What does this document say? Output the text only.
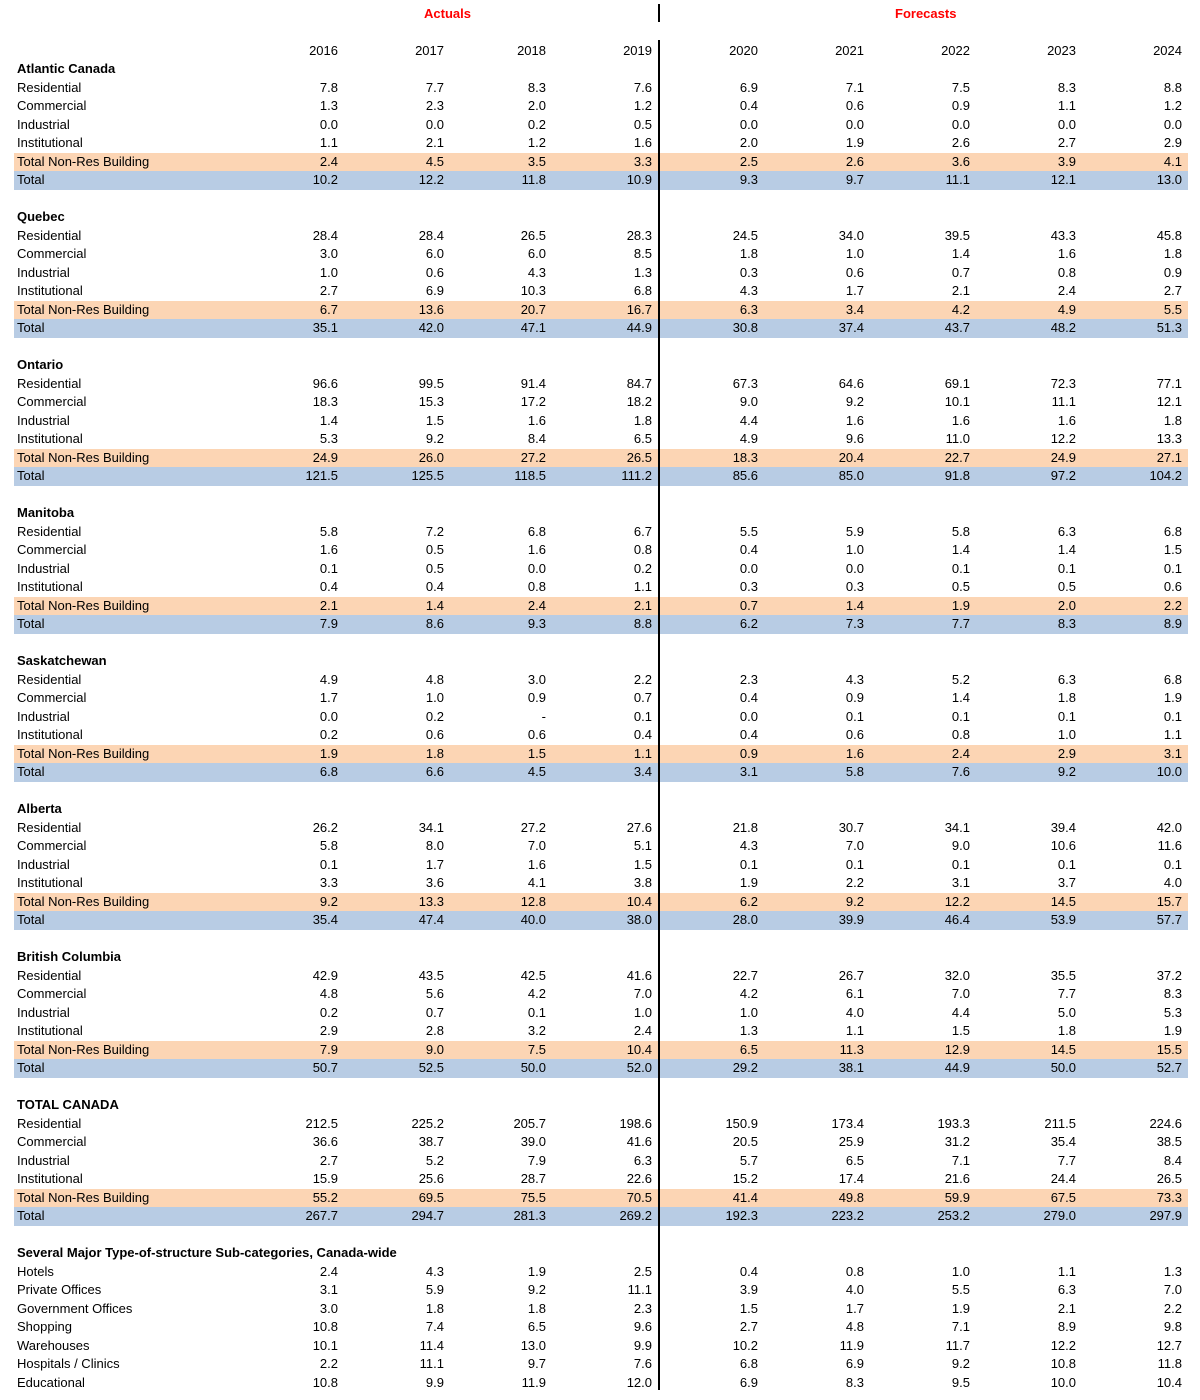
Actuals	Forecasts
2016	2017	2018	2019	2020	2021	2022	2023	2024
Atlantic Canada
Residential	7.8	7.7	8.3	7.6	6.9	7.1	7.5	8.3	8.8
Commercial	1.3	2.3	2.0	1.2	0.4	0.6	0.9	1.1	1.2
Industrial	0.0	0.0	0.2	0.5	0.0	0.0	0.0	0.0	0.0
Institutional	1.1	2.1	1.2	1.6	2.0	1.9	2.6	2.7	2.9
Total Non-Res Building	2.4	4.5	3.5	3.3	2.5	2.6	3.6	3.9	4.1
Total	10.2	12.2	11.8	10.9	9.3	9.7	11.1	12.1	13.0
Quebec
Residential	28.4	28.4	26.5	28.3	24.5	34.0	39.5	43.3	45.8
Commercial	3.0	6.0	6.0	8.5	1.8	1.0	1.4	1.6	1.8
Industrial	1.0	0.6	4.3	1.3	0.3	0.6	0.7	0.8	0.9
Institutional	2.7	6.9	10.3	6.8	4.3	1.7	2.1	2.4	2.7
Total Non-Res Building	6.7	13.6	20.7	16.7	6.3	3.4	4.2	4.9	5.5
Total	35.1	42.0	47.1	44.9	30.8	37.4	43.7	48.2	51.3
Ontario
Residential	96.6	99.5	91.4	84.7	67.3	64.6	69.1	72.3	77.1
Commercial	18.3	15.3	17.2	18.2	9.0	9.2	10.1	11.1	12.1
Industrial	1.4	1.5	1.6	1.8	4.4	1.6	1.6	1.6	1.8
Institutional	5.3	9.2	8.4	6.5	4.9	9.6	11.0	12.2	13.3
Total Non-Res Building	24.9	26.0	27.2	26.5	18.3	20.4	22.7	24.9	27.1
Total	121.5	125.5	118.5	111.2	85.6	85.0	91.8	97.2	104.2
Manitoba
Residential	5.8	7.2	6.8	6.7	5.5	5.9	5.8	6.3	6.8
Commercial	1.6	0.5	1.6	0.8	0.4	1.0	1.4	1.4	1.5
Industrial	0.1	0.5	0.0	0.2	0.0	0.0	0.1	0.1	0.1
Institutional	0.4	0.4	0.8	1.1	0.3	0.3	0.5	0.5	0.6
Total Non-Res Building	2.1	1.4	2.4	2.1	0.7	1.4	1.9	2.0	2.2
Total	7.9	8.6	9.3	8.8	6.2	7.3	7.7	8.3	8.9
Saskatchewan
Residential	4.9	4.8	3.0	2.2	2.3	4.3	5.2	6.3	6.8
Commercial	1.7	1.0	0.9	0.7	0.4	0.9	1.4	1.8	1.9
Industrial	0.0	0.2	-	0.1	0.0	0.1	0.1	0.1	0.1
Institutional	0.2	0.6	0.6	0.4	0.4	0.6	0.8	1.0	1.1
Total Non-Res Building	1.9	1.8	1.5	1.1	0.9	1.6	2.4	2.9	3.1
Total	6.8	6.6	4.5	3.4	3.1	5.8	7.6	9.2	10.0
Alberta
Residential	26.2	34.1	27.2	27.6	21.8	30.7	34.1	39.4	42.0
Commercial	5.8	8.0	7.0	5.1	4.3	7.0	9.0	10.6	11.6
Industrial	0.1	1.7	1.6	1.5	0.1	0.1	0.1	0.1	0.1
Institutional	3.3	3.6	4.1	3.8	1.9	2.2	3.1	3.7	4.0
Total Non-Res Building	9.2	13.3	12.8	10.4	6.2	9.2	12.2	14.5	15.7
Total	35.4	47.4	40.0	38.0	28.0	39.9	46.4	53.9	57.7
British Columbia
Residential	42.9	43.5	42.5	41.6	22.7	26.7	32.0	35.5	37.2
Commercial	4.8	5.6	4.2	7.0	4.2	6.1	7.0	7.7	8.3
Industrial	0.2	0.7	0.1	1.0	1.0	4.0	4.4	5.0	5.3
Institutional	2.9	2.8	3.2	2.4	1.3	1.1	1.5	1.8	1.9
Total Non-Res Building	7.9	9.0	7.5	10.4	6.5	11.3	12.9	14.5	15.5
Total	50.7	52.5	50.0	52.0	29.2	38.1	44.9	50.0	52.7
TOTAL CANADA
Residential	212.5	225.2	205.7	198.6	150.9	173.4	193.3	211.5	224.6
Commercial	36.6	38.7	39.0	41.6	20.5	25.9	31.2	35.4	38.5
Industrial	2.7	5.2	7.9	6.3	5.7	6.5	7.1	7.7	8.4
Institutional	15.9	25.6	28.7	22.6	15.2	17.4	21.6	24.4	26.5
Total Non-Res Building	55.2	69.5	75.5	70.5	41.4	49.8	59.9	67.5	73.3
Total	267.7	294.7	281.3	269.2	192.3	223.2	253.2	279.0	297.9
Several Major Type-of-structure Sub-categories, Canada-wide
Hotels	2.4	4.3	1.9	2.5	0.4	0.8	1.0	1.1	1.3
Private Offices	3.1	5.9	9.2	11.1	3.9	4.0	5.5	6.3	7.0
Government Offices	3.0	1.8	1.8	2.3	1.5	1.7	1.9	2.1	2.2
Shopping	10.8	7.4	6.5	9.6	2.7	4.8	7.1	8.9	9.8
Warehouses	10.1	11.4	13.0	9.9	10.2	11.9	11.7	12.2	12.7
Hospitals / Clinics	2.2	11.1	9.7	7.6	6.8	6.9	9.2	10.8	11.8
Educational	10.8	9.9	11.9	12.0	6.9	8.3	9.5	10.0	10.4
